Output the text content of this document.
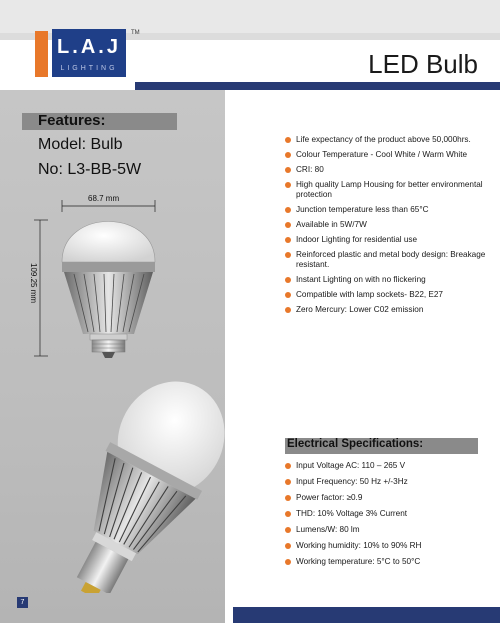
L.A.J
LIGHTING
TM
LED Bulb
Features:
Model: Bulb
No: L3-BB-5W
68.7 mm
109.25 mm
Life expectancy of the product above 50,000hrs.
Colour Temperature - Cool White / Warm White
CRI: 80
High quality Lamp Housing for better environmental protection
Junction temperature less than 65°C
Available in 5W/7W
Indoor Lighting for residential use
Reinforced plastic and metal body design: Breakage resistant.
Instant Lighting on with no flickering
Compatible with lamp sockets- B22, E27
Zero Mercury: Lower C02 emission
Electrical Specifications:
Input Voltage AC: 110 – 265 V
Input Frequency: 50 Hz +/-3Hz
Power factor: ≥0.9
THD: 10% Voltage 3% Current
Lumens/W: 80 lm
Working humidity: 10% to 90% RH
Working temperature: 5°C to 50°C
7
